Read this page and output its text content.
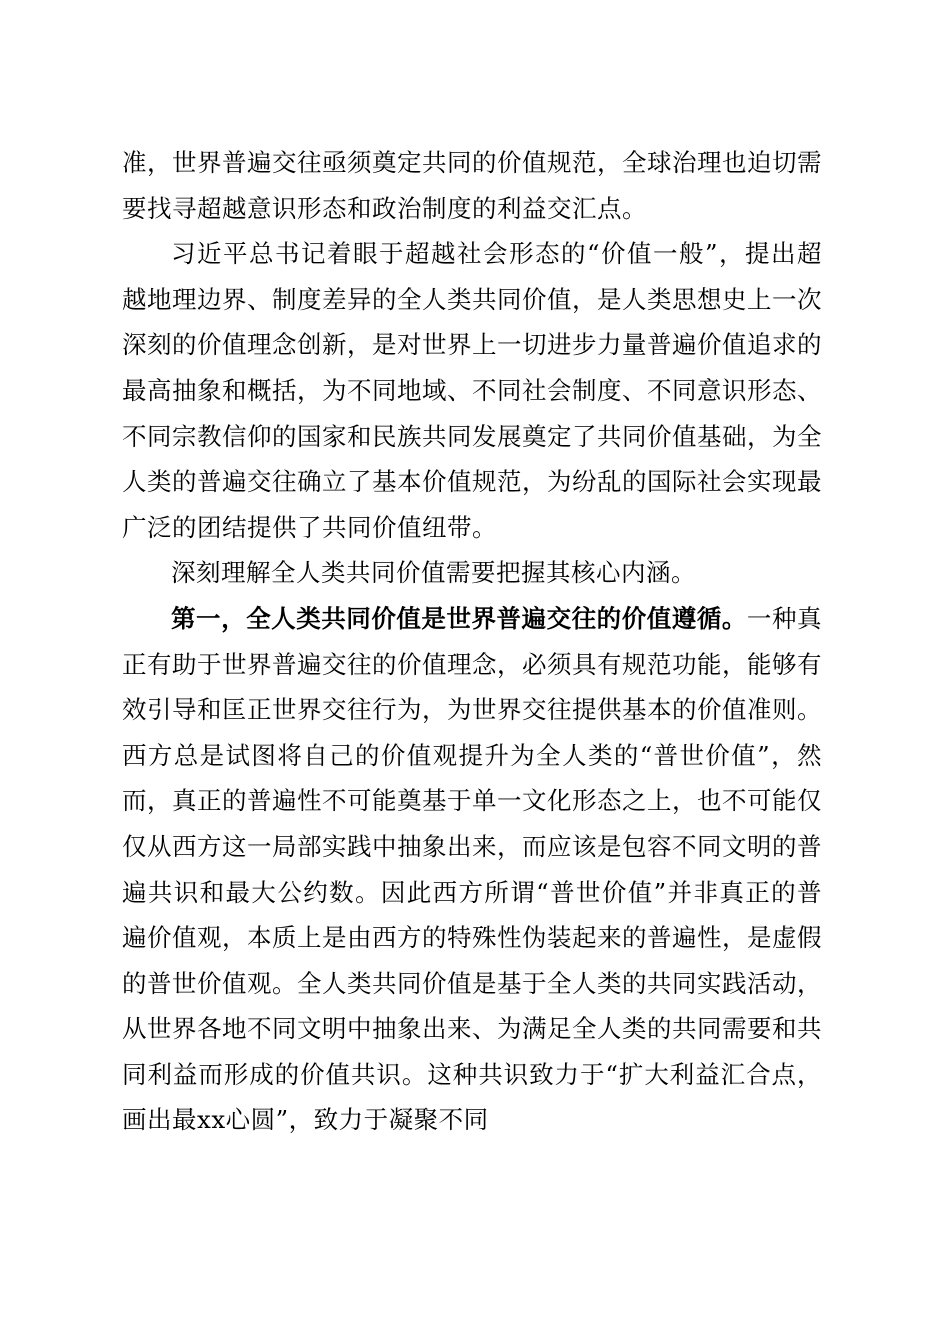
准，世界普遍交往亟须奠定共同的价值规范，全球治理也迫切需要找寻超越意识形态和政治制度的利益交汇点。

习近平总书记着眼于超越社会形态的“价值一般”，提出超越地理边界、制度差异的全人类共同价值，是人类思想史上一次深刻的价值理念创新，是对世界上一切进步力量普遍价值追求的最高抽象和概括，为不同地域、不同社会制度、不同意识形态、不同宗教信仰的国家和民族共同发展奠定了共同价值基础，为全人类的普遍交往确立了基本价值规范，为纷乱的国际社会实现最广泛的团结提供了共同价值纽带。

深刻理解全人类共同价值需要把握其核心内涵。

第一，全人类共同价值是世界普遍交往的价值遵循。一种真正有助于世界普遍交往的价值理念，必须具有规范功能，能够有效引导和匡正世界交往行为，为世界交往提供基本的价值准则。西方总是试图将自己的价值观提升为全人类的“普世价值”，然而，真正的普遍性不可能奠基于单一文化形态之上，也不可能仅仅从西方这一局部实践中抽象出来，而应该是包容不同文明的普遍共识和最大公约数。因此西方所谓“普世价值”并非真正的普遍价值观，本质上是由西方的特殊性伪装起来的普遍性，是虚假的普世价值观。全人类共同价值是基于全人类的共同实践活动，从世界各地不同文明中抽象出来、为满足全人类的共同需要和共同利益而形成的价值共识。这种共识致力于“扩大利益汇合点，画出最xx心圆”，致力于凝聚不同
